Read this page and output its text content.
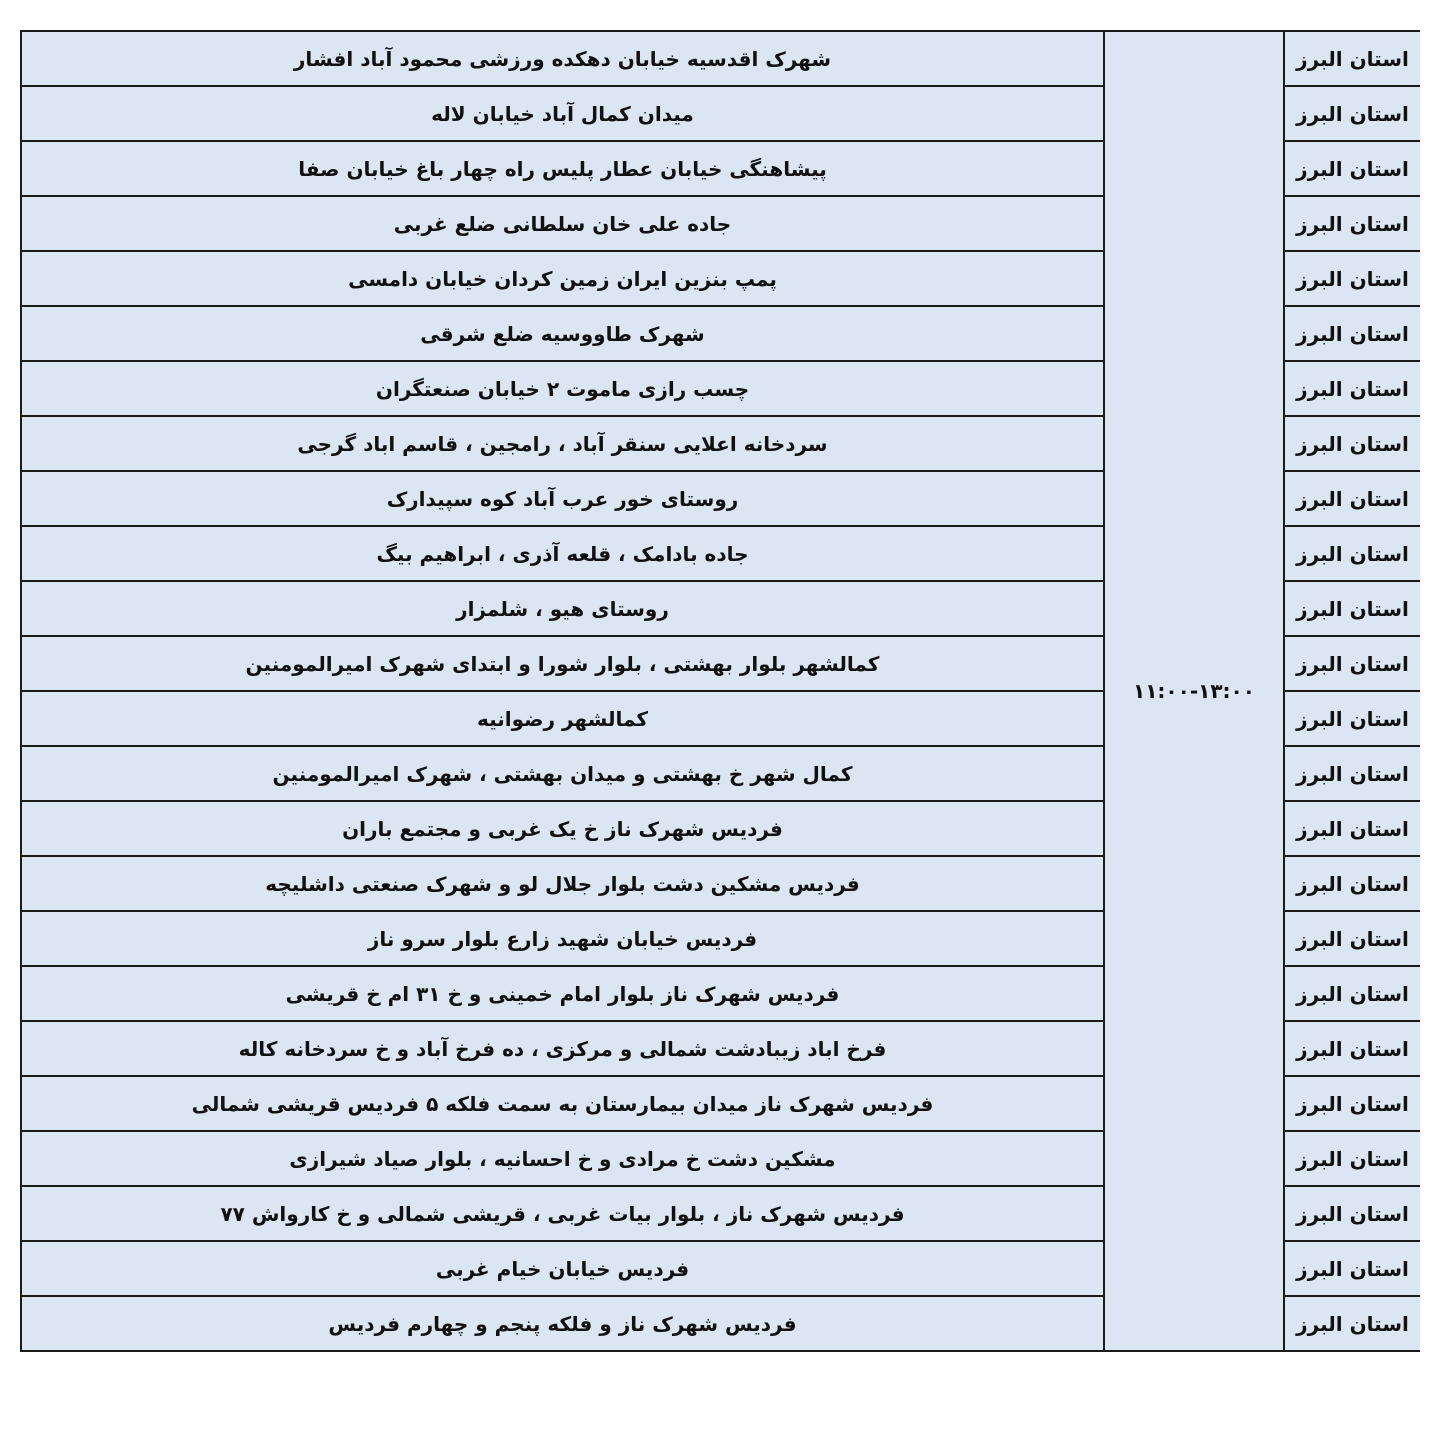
شهرک اقدسیه خیابان دهکده ورزشی محمود آباد افشار	۱۱:۰۰-۱۳:۰۰	استان البرز
میدان کمال آباد خیابان لاله		استان البرز
پیشاهنگی خیابان عطار پلیس راه چهار باغ خیابان صفا		استان البرز
جاده علی خان سلطانی ضلع غربی		استان البرز
پمپ بنزین ایران زمین کردان خیابان دامسی		استان البرز
شهرک طاووسیه ضلع شرقی		استان البرز
چسب رازی ماموت ۲ خیابان صنعتگران		استان البرز
سردخانه اعلایی سنقر آباد ، رامجین ، قاسم اباد گرجی		استان البرز
روستای خور عرب آباد کوه سپیدارک		استان البرز
جاده بادامک ، قلعه آذری ، ابراهیم بیگ		استان البرز
روستای هیو ، شلمزار		استان البرز
کمالشهر بلوار بهشتی ، بلوار شورا و ابتدای شهرک امیرالمومنین		استان البرز
کمالشهر رضوانیه		استان البرز
کمال شهر خ بهشتی و میدان بهشتی ، شهرک امیرالمومنین		استان البرز
فردیس شهرک ناز خ یک غربی و مجتمع باران		استان البرز
فردیس مشکین دشت بلوار جلال لو و شهرک صنعتی داشلیچه		استان البرز
فردیس خیابان شهید زارع بلوار سرو ناز		استان البرز
فردیس شهرک ناز بلوار امام خمینی و خ ۳۱ ام خ قریشی		استان البرز
فرخ اباد زیبادشت شمالی و مرکزی ، ده فرخ آباد و خ سردخانه کاله		استان البرز
فردیس شهرک ناز میدان بیمارستان به سمت فلکه ۵ فردیس قریشی شمالی		استان البرز
مشکین دشت خ مرادی و خ احسانیه ، بلوار صیاد شیرازی		استان البرز
فردیس شهرک ناز ، بلوار بیات غربی ، قریشی شمالی و خ کارواش ۷۷		استان البرز
فردیس خیابان خیام غربی		استان البرز
فردیس شهرک ناز و فلکه پنجم و چهارم فردیس		استان البرز
